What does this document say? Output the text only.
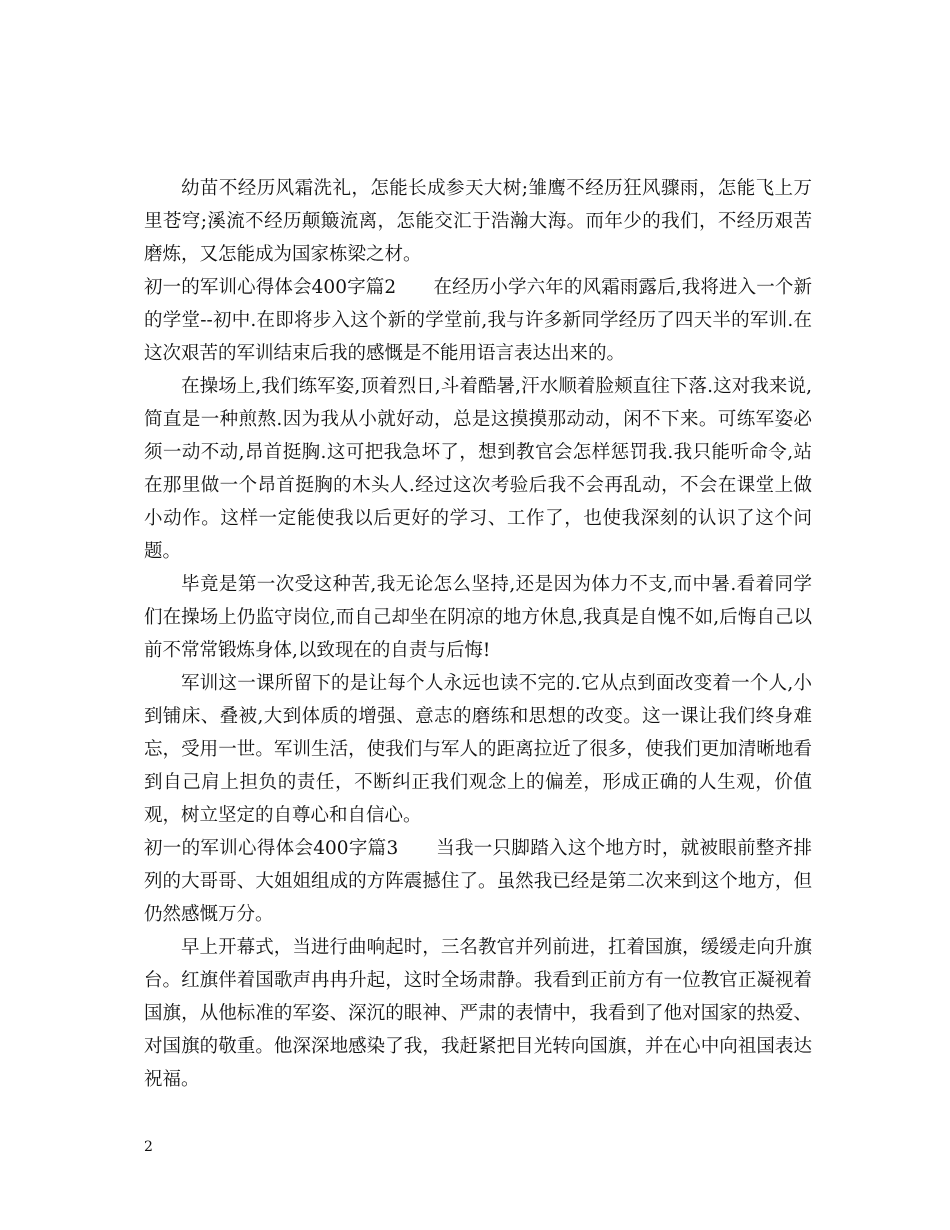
幼苗不经历风霜洗礼，怎能长成参天大树;雏鹰不经历狂风骤雨，怎能飞上万里苍穹;溪流不经历颠簸流离，怎能交汇于浩瀚大海。而年少的我们，不经历艰苦磨炼，又怎能成为国家栋梁之材。

初一的军训心得体会400字篇2　　在经历小学六年的风霜雨露后,我将进入一个新的学堂--初中.在即将步入这个新的学堂前,我与许多新同学经历了四天半的军训.在这次艰苦的军训结束后我的感慨是不能用语言表达出来的。

在操场上,我们练军姿,顶着烈日,斗着酷暑,汗水顺着脸颊直往下落.这对我来说,简直是一种煎熬.因为我从小就好动，总是这摸摸那动动，闲不下来。可练军姿必须一动不动,昂首挺胸.这可把我急坏了，想到教官会怎样惩罚我.我只能听命令,站在那里做一个昂首挺胸的木头人.经过这次考验后我不会再乱动，不会在课堂上做小动作。这样一定能使我以后更好的学习、工作了，也使我深刻的认识了这个问题。

毕竟是第一次受这种苦,我无论怎么坚持,还是因为体力不支,而中暑.看着同学们在操场上仍监守岗位,而自己却坐在阴凉的地方休息,我真是自愧不如,后悔自己以前不常常锻炼身体,以致现在的自责与后悔!

军训这一课所留下的是让每个人永远也读不完的.它从点到面改变着一个人,小到铺床、叠被,大到体质的增强、意志的磨练和思想的改变。这一课让我们终身难忘，受用一世。军训生活，使我们与军人的距离拉近了很多，使我们更加清晰地看到自己肩上担负的责任，不断纠正我们观念上的偏差，形成正确的人生观，价值观，树立坚定的自尊心和自信心。

初一的军训心得体会400字篇3　　当我一只脚踏入这个地方时，就被眼前整齐排列的大哥哥、大姐姐组成的方阵震撼住了。虽然我已经是第二次来到这个地方，但仍然感慨万分。

早上开幕式，当进行曲响起时，三名教官并列前进，扛着国旗，缓缓走向升旗台。红旗伴着国歌声冉冉升起，这时全场肃静。我看到正前方有一位教官正凝视着国旗，从他标准的军姿、深沉的眼神、严肃的表情中，我看到了他对国家的热爱、对国旗的敬重。他深深地感染了我，我赶紧把目光转向国旗，并在心中向祖国表达祝福。

2
